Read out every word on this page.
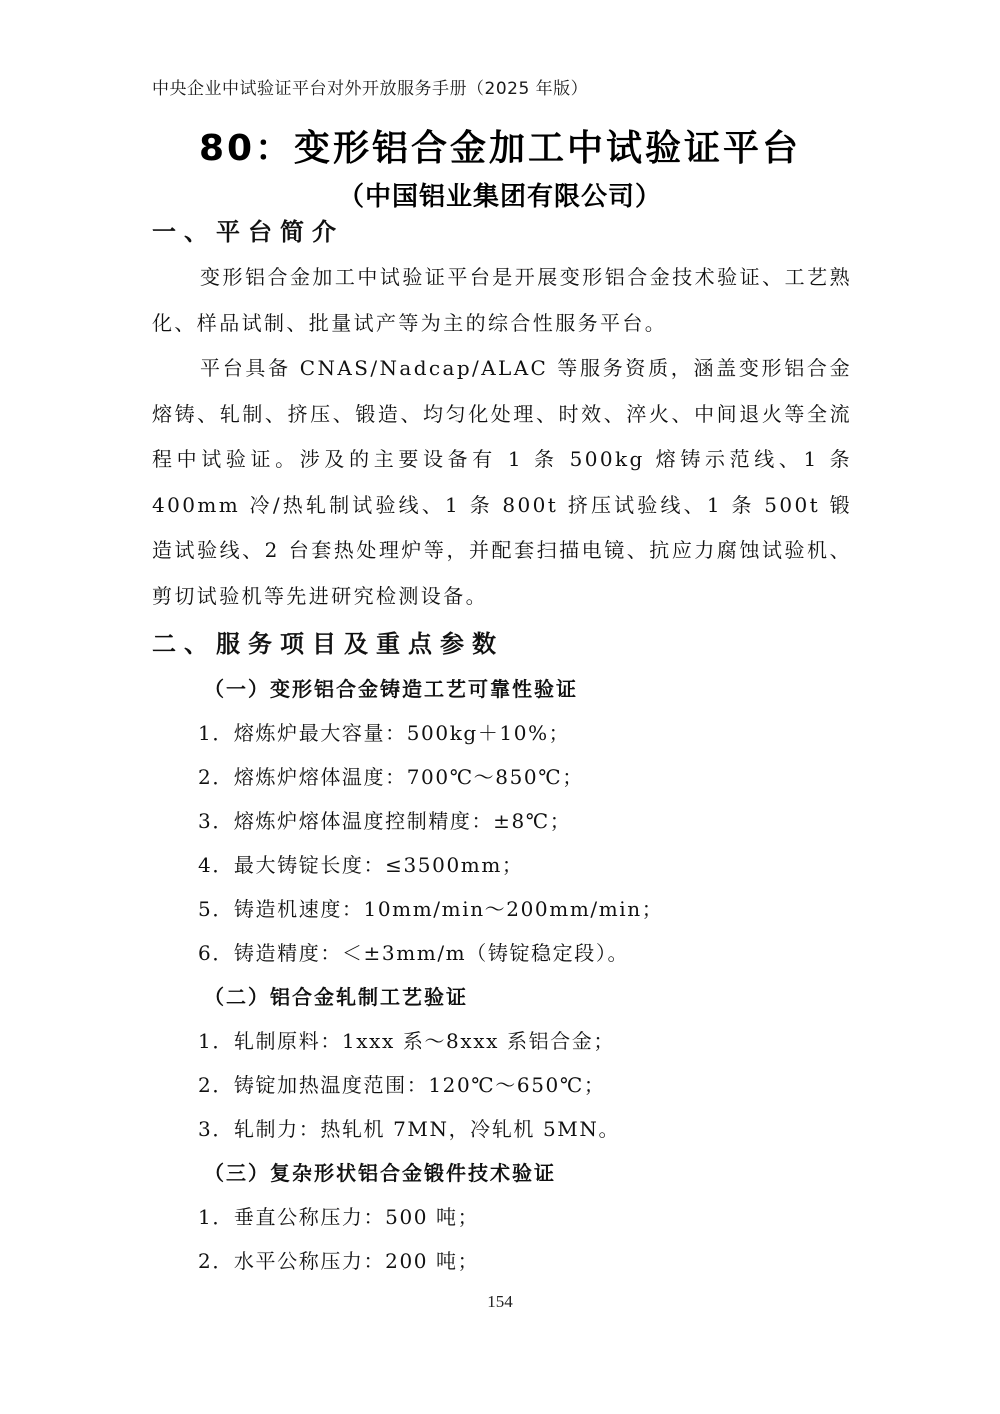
中央企业中试验证平台对外开放服务手册（2025 年版）
80：变形铝合金加工中试验证平台
（中国铝业集团有限公司）
一、平台简介

变形铝合金加工中试验证平台是开展变形铝合金技术验证、工艺熟化、样品试制、批量试产等为主的综合性服务平台。

平台具备 CNAS/Nadcap/ALAC 等服务资质，涵盖变形铝合金熔铸、轧制、挤压、锻造、均匀化处理、时效、淬火、中间退火等全流程中试验证。涉及的主要设备有 1 条 500kg 熔铸示范线、1 条 400mm 冷/热轧制试验线、1 条 800t 挤压试验线、1 条 500t 锻造试验线、2 台套热处理炉等，并配套扫描电镜、抗应力腐蚀试验机、剪切试验机等先进研究检测设备。

二、服务项目及重点参数
（一）变形铝合金铸造工艺可靠性验证

1．熔炼炉最大容量：500kg＋10%；

2．熔炼炉熔体温度：700℃～850℃；

3．熔炼炉熔体温度控制精度：±8℃；

4．最大铸锭长度：≤3500mm；

5．铸造机速度：10mm/min～200mm/min；

6．铸造精度：＜±3mm/m（铸锭稳定段）。

（二）铝合金轧制工艺验证

1．轧制原料：1xxx 系～8xxx 系铝合金；

2．铸锭加热温度范围：120℃～650℃；

3．轧制力：热轧机 7MN，冷轧机 5MN。

（三）复杂形状铝合金锻件技术验证

1．垂直公称压力：500 吨；

2．水平公称压力：200 吨；

154
